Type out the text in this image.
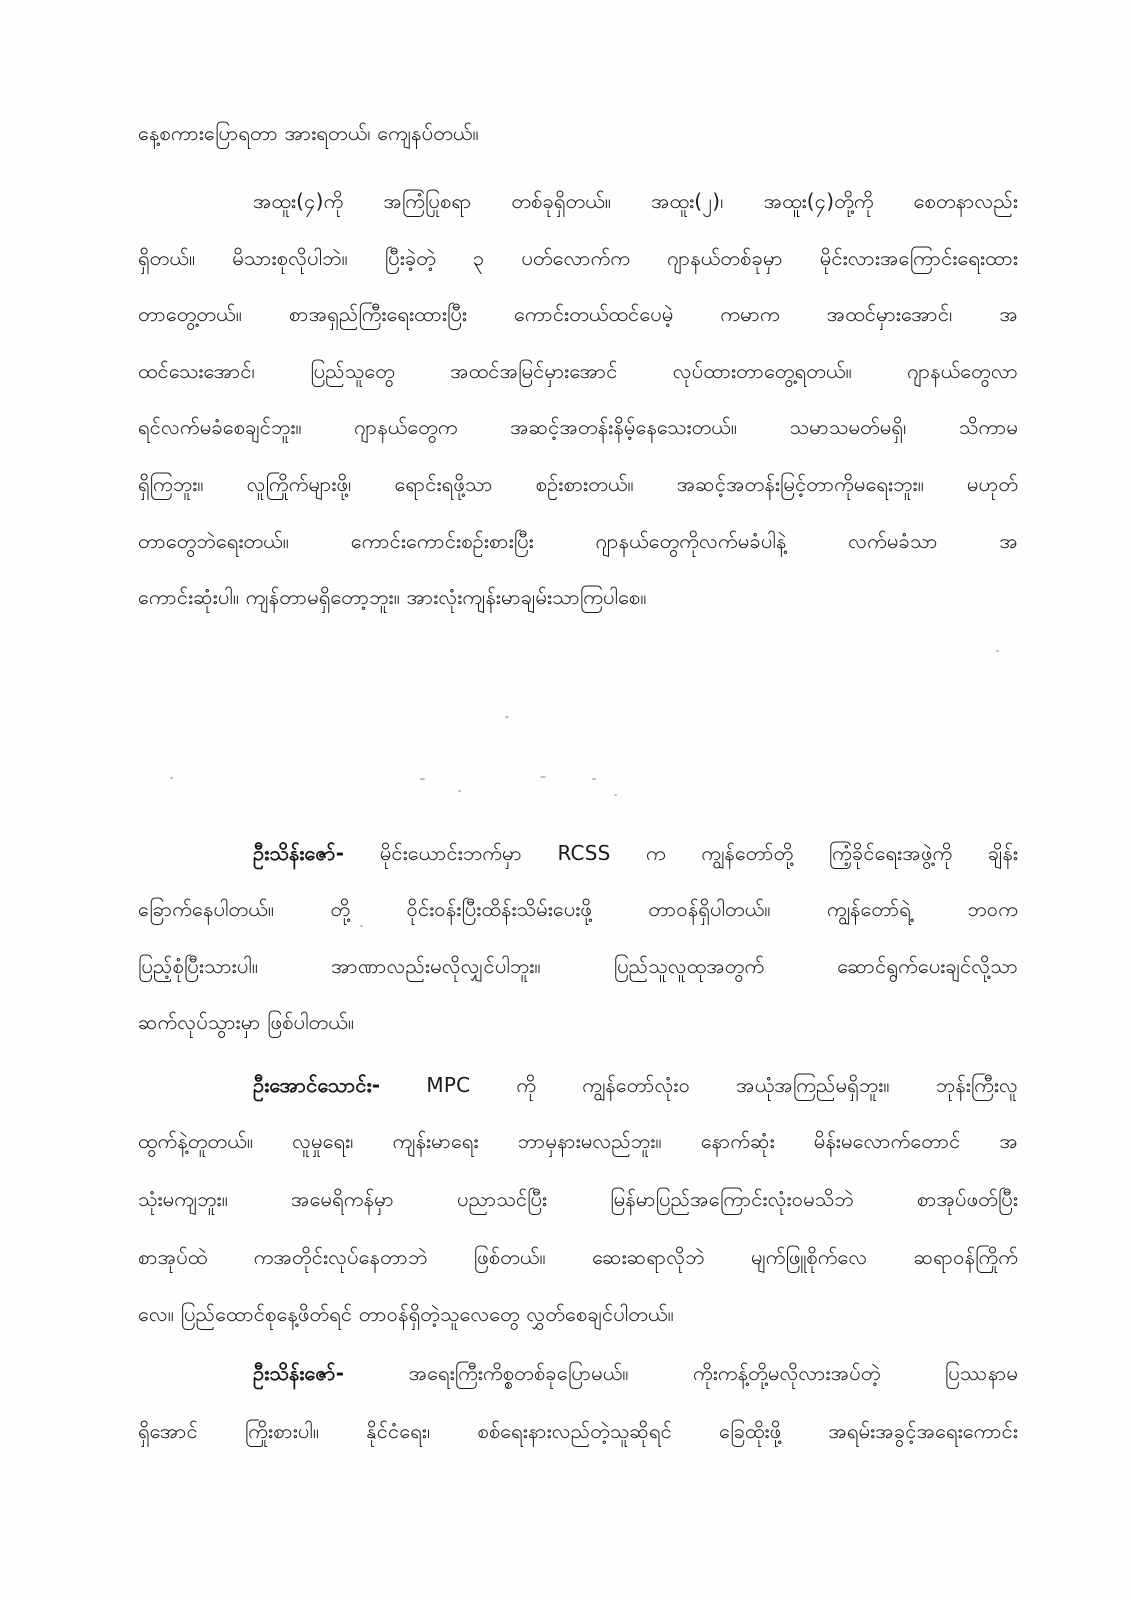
နေ့စကားပြောရတာ အားရတယ်၊ ကျေနပ်တယ်။
အထူး(၄)ကို အကြံပြုစရာ တစ်ခုရှိတယ်။ အထူး(၂)၊ အထူး(၄)တို့ကို စေတနာလည်း
ရှိတယ်။ မိသားစုလိုပါဘဲ။ ပြီးခဲ့တဲ့ ၃ ပတ်လောက်က ဂျာနယ်တစ်ခုမှာ မိုင်းလားအကြောင်းရေးထား
တာတွေ့တယ်။ စာအရှည်ကြီးရေးထားပြီး ကောင်းတယ်ထင်ပေမဲ့ ကမာက အထင်မှားအောင်၊ အ
ထင်သေးအောင်၊ ပြည်သူတွေ အထင်အမြင်မှားအောင် လုပ်ထားတာတွေ့ရတယ်။ ဂျာနယ်တွေလာ
ရင်လက်မခံစေချင်ဘူး။ ဂျာနယ်တွေက အဆင့်အတန်းနိမ့်နေသေးတယ်။ သမာသမတ်မရှိ၊ သိကာမ
ရှိကြဘူး။ လူကြိုက်များဖို့၊ ရောင်းရဖို့သာ စဉ်းစားတယ်။ အဆင့်အတန်းမြင့်တာကိုမရေးဘူး။ မဟုတ်
တာတွေဘဲရေးတယ်။ ကောင်းကောင်းစဉ်းစားပြီး ဂျာနယ်တွေကိုလက်မခံပါနဲ့ လက်မခံသာ အ
ကောင်းဆုံးပါ။ ကျန်တာမရှိတော့ဘူး။ အားလုံးကျန်းမာချမ်းသာကြပါစေ။
ဦးသိန်းဇော်- မိုင်းယောင်းဘက်မှာ RCSS က ကျွန်တော်တို့ ကြံ့ခိုင်ရေးအဖွဲ့ကို ချိန်း
ခြောက်နေပါတယ်။ တို့ ဝိုင်းဝန်းပြီးထိန်းသိမ်းပေးဖို့ တာဝန်ရှိပါတယ်။ ကျွန်တော်ရဲ့ ဘဝက
ပြည့်စုံပြီးသားပါ။ အာဏာလည်းမလိုလျှင်ပါဘူး။ ပြည်သူလူထုအတွက် ဆောင်ရွက်ပေးချင်လို့သာ
ဆက်လုပ်သွားမှာ ဖြစ်ပါတယ်။
ဦးအောင်သောင်း- MPC ကို ကျွန်တော်လုံးဝ အယုံအကြည်မရှိဘူး။ ဘုန်းကြီးလူ
ထွက်နဲ့တူတယ်။ လူမှုရေး၊ ကျန်းမာရေး ဘာမှနားမလည်ဘူး။ နောက်ဆုံး မိန်းမလောက်တောင် အ
သုံးမကျဘူး။ အမေရိကန်မှာ ပညာသင်ပြီး မြန်မာပြည်အကြောင်းလုံးဝမသိဘဲ စာအုပ်ဖတ်ပြီး
စာအုပ်ထဲ ကအတိုင်းလုပ်နေတာဘဲ ဖြစ်တယ်။ ဆေးဆရာလိုဘဲ မျက်ဖြူစိုက်လေ ဆရာဝန်ကြိုက်
လေ။ ပြည်ထောင်စုနေ့ဖိတ်ရင် တာဝန်ရှိတဲ့သူလေတွေ လွှတ်စေချင်ပါတယ်။
ဦးသိန်းဇော်-	အရေးကြီးကိစ္စတစ်ခုပြောမယ်။ ကိုးကန့်တို့မလိုလားအပ်တဲ့ ပြဿနာမ
ရှိအောင် ကြိုးစားပါ။ နိုင်ငံရေး၊ စစ်ရေးနားလည်တဲ့သူဆိုရင် ခြေထိုးဖို့ အရမ်းအခွင့်အရေးကောင်း
